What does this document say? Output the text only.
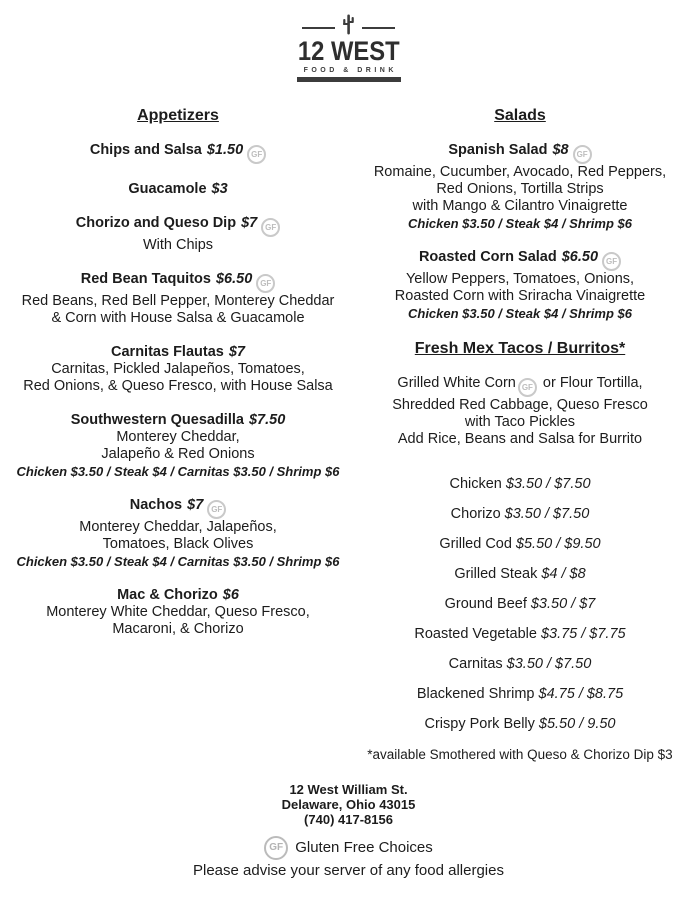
12 WEST
FOOD & DRINK
Appetizers
Chips and Salsa $1.50 GF
Guacamole $3
Chorizo and Queso Dip $7 GF
With Chips
Red Bean Taquitos $6.50 GF
Red Beans, Red Bell Pepper, Monterey Cheddar
& Corn with House Salsa & Guacamole
Carnitas Flautas $7
Carnitas, Pickled Jalapeños, Tomatoes,
Red Onions, & Queso Fresco, with House Salsa
Southwestern Quesadilla $7.50
Monterey Cheddar,
Jalapeño & Red Onions
Chicken $3.50 / Steak $4 / Carnitas $3.50 / Shrimp $6
Nachos $7 GF
Monterey Cheddar, Jalapeños,
Tomatoes, Black Olives
Chicken $3.50 / Steak $4 / Carnitas $3.50 / Shrimp $6
Mac & Chorizo $6
Monterey White Cheddar, Queso Fresco,
Macaroni, & Chorizo
Salads
Spanish Salad $8 GF
Romaine, Cucumber, Avocado, Red Peppers,
Red Onions, Tortilla Strips
with Mango & Cilantro Vinaigrette
Chicken $3.50 / Steak $4 / Shrimp $6
Roasted Corn Salad $6.50 GF
Yellow Peppers, Tomatoes, Onions,
Roasted Corn with Sriracha Vinaigrette
Chicken $3.50 / Steak $4 / Shrimp $6
Fresh Mex Tacos / Burritos*
Grilled White Corn GF or Flour Tortilla,
Shredded Red Cabbage, Queso Fresco
with Taco Pickles
Add Rice, Beans and Salsa for Burrito
Chicken $3.50 / $7.50
Chorizo $3.50 / $7.50
Grilled Cod $5.50 / $9.50
Grilled Steak $4 / $8
Ground Beef $3.50 / $7
Roasted Vegetable $3.75 / $7.75
Carnitas $3.50 / $7.50
Blackened Shrimp $4.75 / $8.75
Crispy Pork Belly $5.50 / 9.50
*available Smothered with Queso & Chorizo Dip $3
12 West William St.
Delaware, Ohio 43015
(740) 417-8156
GF Gluten Free Choices
Please advise your server of any food allergies
